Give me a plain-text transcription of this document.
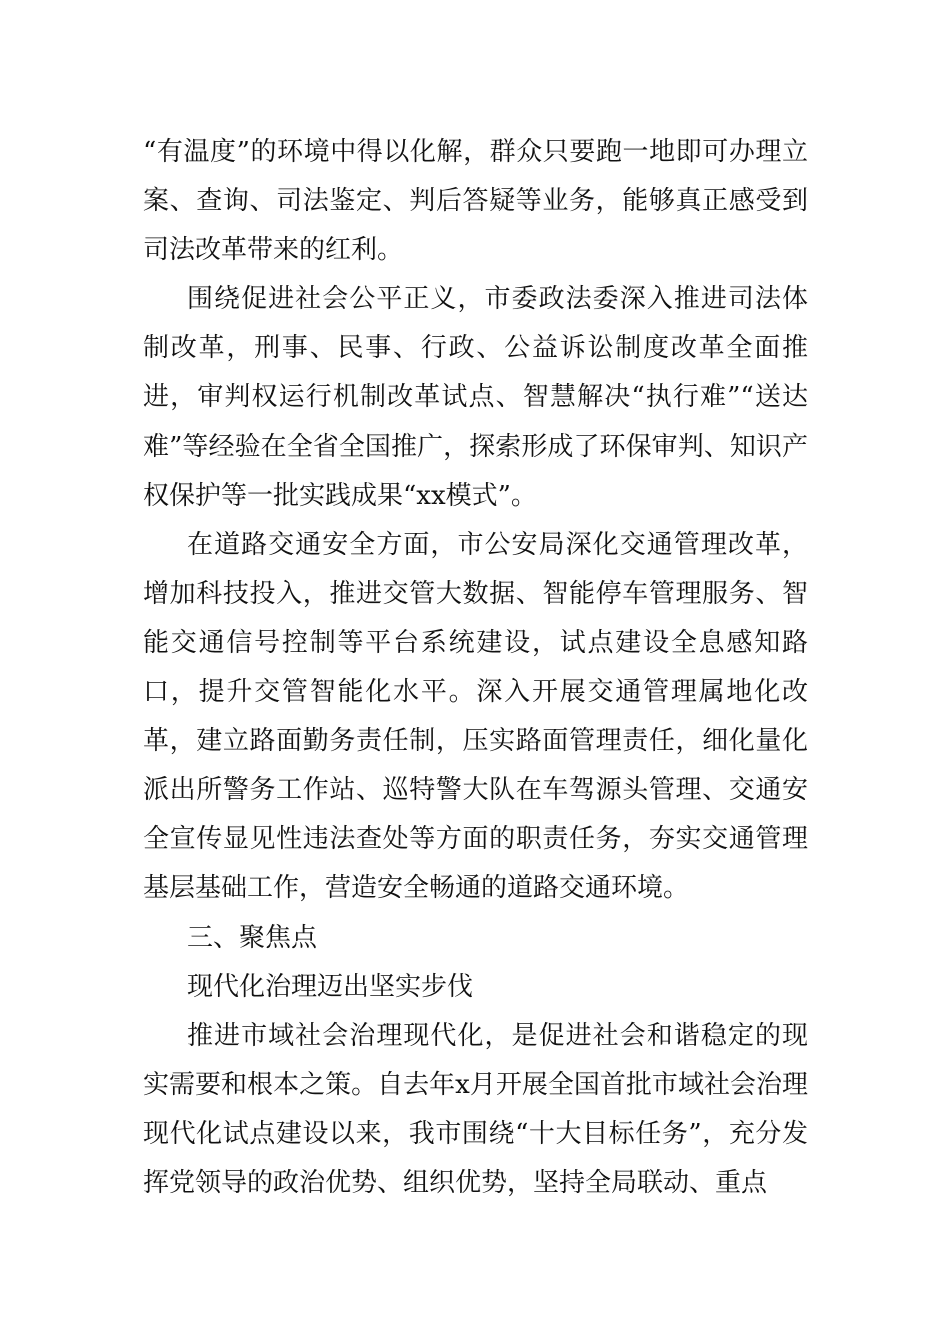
“有温度”的环境中得以化解，群众只要跑一地即可办理立案、查询、司法鉴定、判后答疑等业务，能够真正感受到司法改革带来的红利。

围绕促进社会公平正义，市委政法委深入推进司法体制改革，刑事、民事、行政、公益诉讼制度改革全面推进，审判权运行机制改革试点、智慧解决“执行难”“送达难”等经验在全省全国推广，探索形成了环保审判、知识产权保护等一批实践成果“xx模式”。

在道路交通安全方面，市公安局深化交通管理改革，增加科技投入，推进交管大数据、智能停车管理服务、智能交通信号控制等平台系统建设，试点建设全息感知路口，提升交管智能化水平。深入开展交通管理属地化改革，建立路面勤务责任制，压实路面管理责任，细化量化派出所警务工作站、巡特警大队在车驾源头管理、交通安全宣传显见性违法查处等方面的职责任务，夯实交通管理基层基础工作，营造安全畅通的道路交通环境。

三、聚焦点

现代化治理迈出坚实步伐

推进市域社会治理现代化，是促进社会和谐稳定的现实需要和根本之策。自去年x月开展全国首批市域社会治理现代化试点建设以来，我市围绕“十大目标任务”，充分发挥党领导的政治优势、组织优势，坚持全局联动、重点
